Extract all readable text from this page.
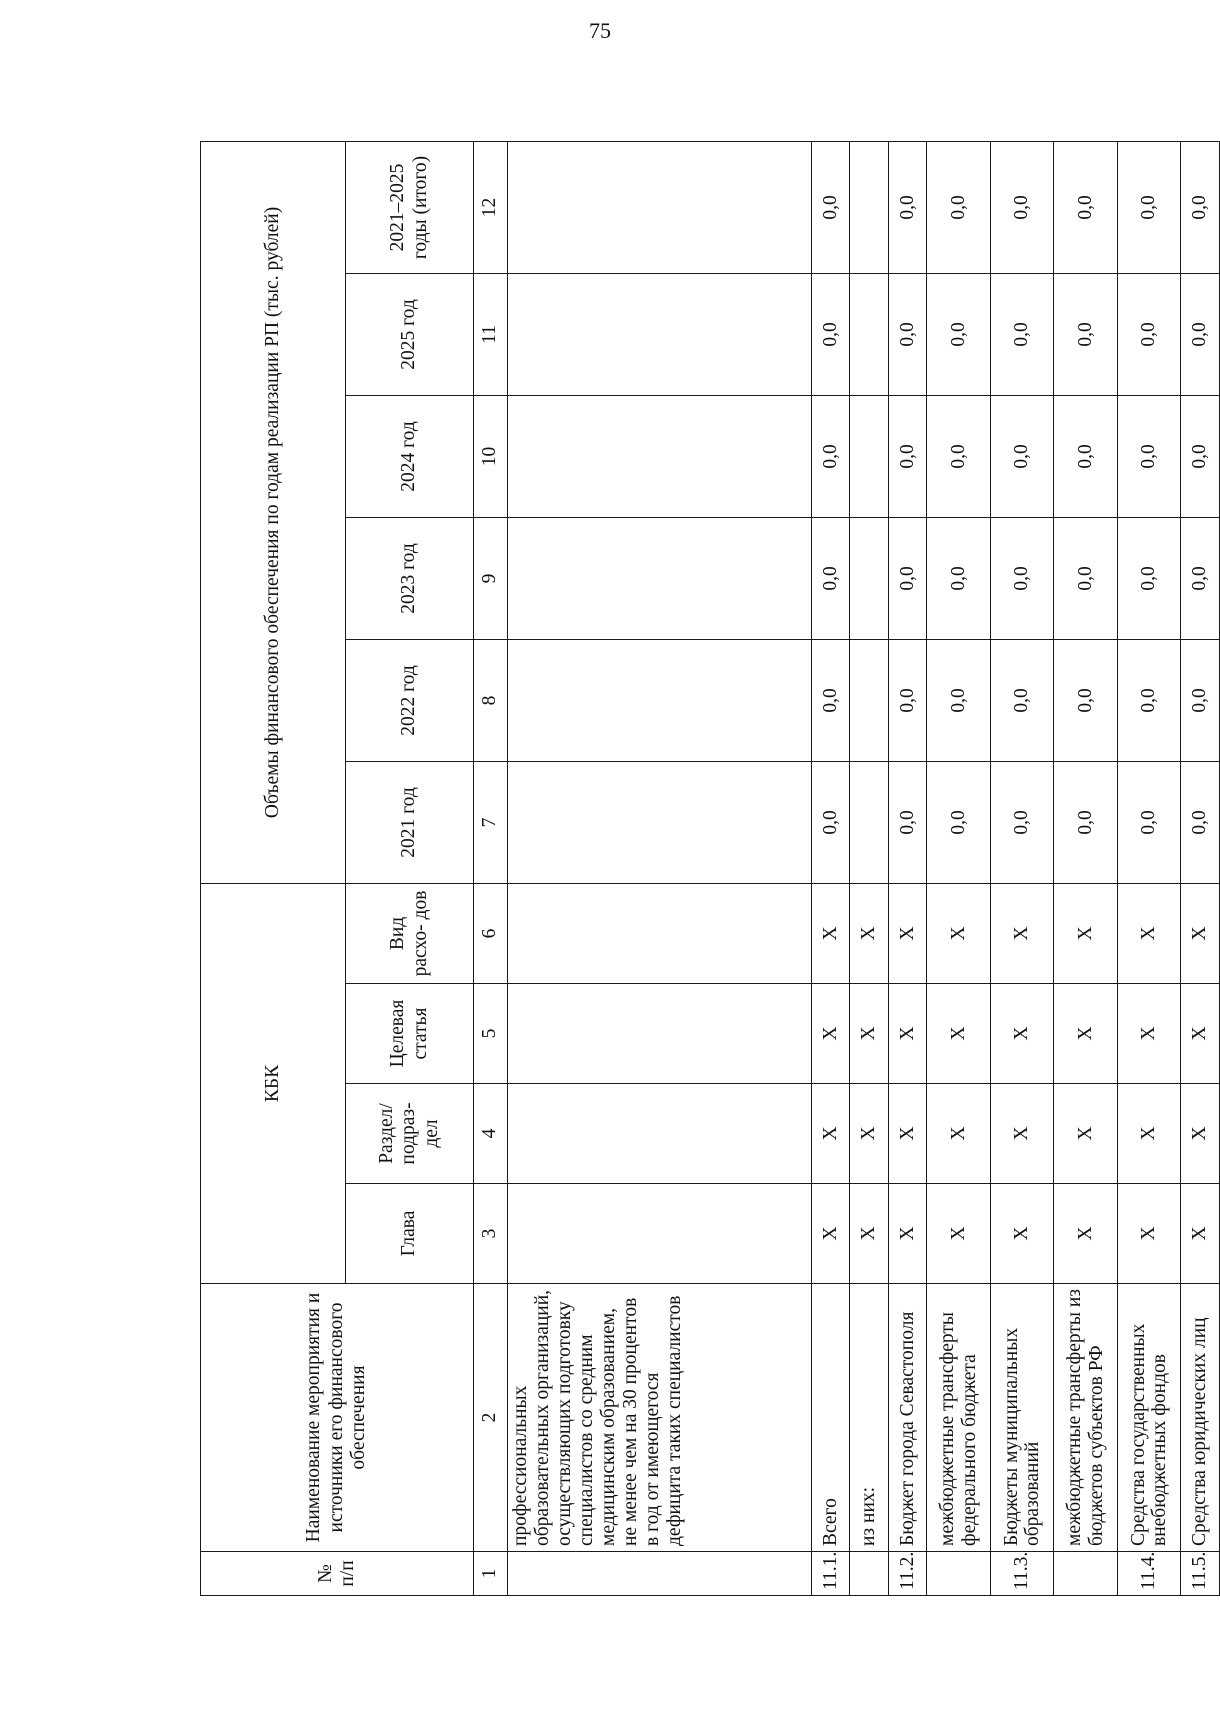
75
№ п/п	Наименование мероприятия и источники его финансового обеспечения	КБК				Объемы финансового обеспечения по годам реализации РП (тыс. рублей)					
		Глава	Раздел/ подраз- дел	Целевая статья	Вид расхо- дов	2021 год	2022 год	2023 год	2024 год	2025 год	2021–2025 годы (итого)
1	2	3	4	5	6	7	8	9	10	11	12
	профессиональных образовательных организаций, осуществляющих подготовку специалистов со средним медицинским образованием, не менее чем на 30 процентов в год от имеющегося дефицита таких специалистов										
11.1.	Всего	X	X	X	X	0,0	0,0	0,0	0,0	0,0	0,0
	из них:	X	X	X	X						
11.2.	Бюджет города Севастополя	X	X	X	X	0,0	0,0	0,0	0,0	0,0	0,0
	межбюджетные трансферты федерального бюджета	X	X	X	X	0,0	0,0	0,0	0,0	0,0	0,0
11.3.	Бюджеты муниципальных образований	X	X	X	X	0,0	0,0	0,0	0,0	0,0	0,0
	межбюджетные трансферты из бюджетов субъектов РФ	X	X	X	X	0,0	0,0	0,0	0,0	0,0	0,0
11.4.	Средства государственных внебюджетных фондов	X	X	X	X	0,0	0,0	0,0	0,0	0,0	0,0
11.5.	Средства юридических лиц	X	X	X	X	0,0	0,0	0,0	0,0	0,0	0,0
